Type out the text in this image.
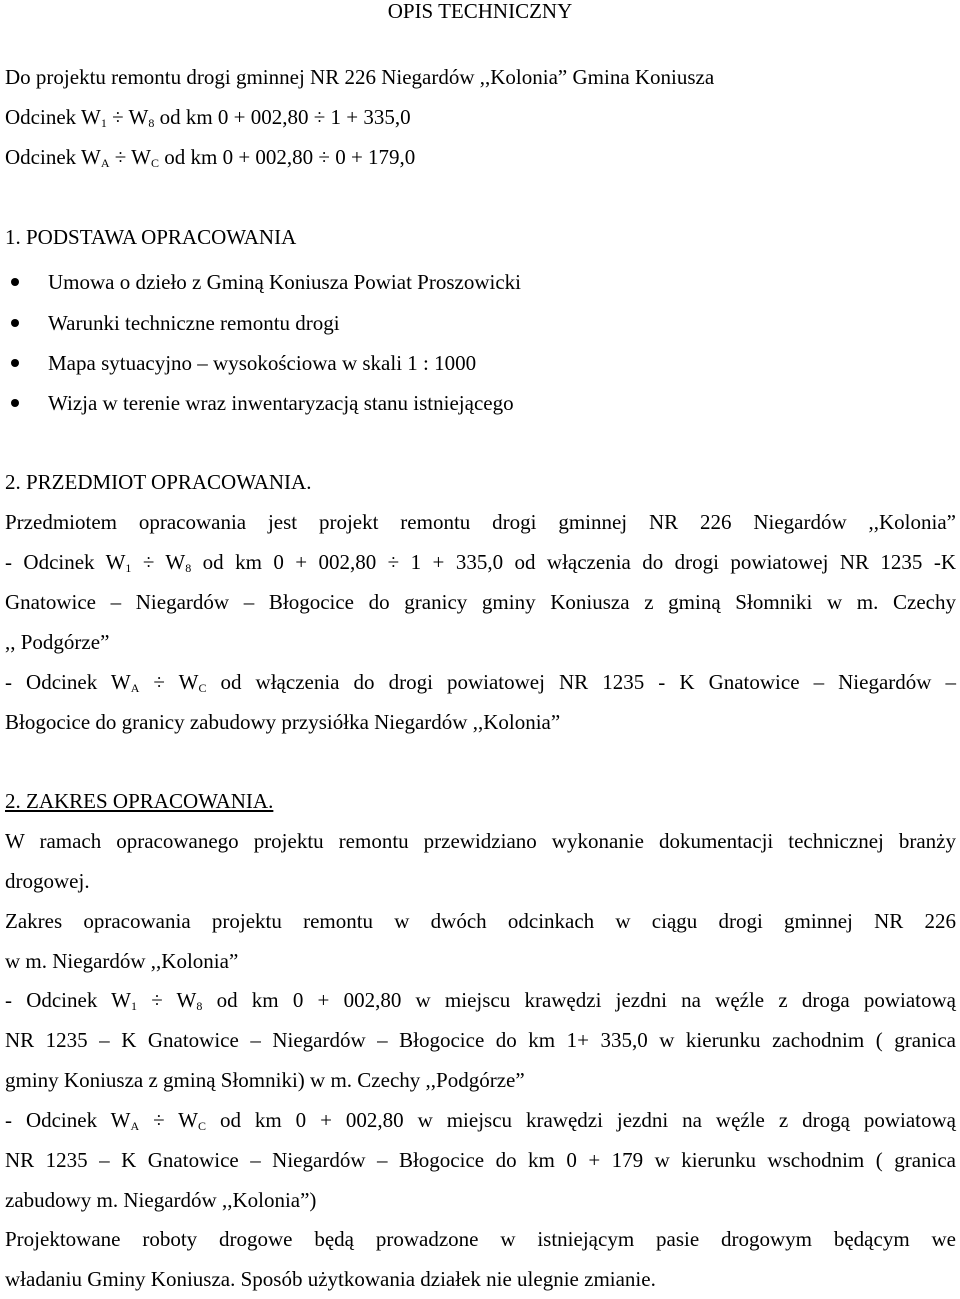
OPIS TECHNICZNY
Do projektu remontu drogi gminnej NR 226 Niegardów ,,Kolonia” Gmina Koniusza
Odcinek $W_1 \div W_8$ od km 0 + 002,80 ÷ 1 + 335,0
Odcinek $W_A \div W_C$ od km 0 + 002,80 ÷ 0 + 179,0
1. PODSTAWA OPRACOWANIA
Umowa o dzieło z Gminą Koniusza Powiat Proszowicki
Warunki techniczne remontu drogi
Mapa sytuacyjno – wysokościowa w skali 1 : 1000
Wizja w terenie wraz inwentaryzacją stanu istniejącego
2. PRZEDMIOT OPRACOWANIA.
Przedmiotem opracowania jest projekt remontu drogi gminnej NR 226 Niegardów ,,Kolonia”
- Odcinek $W_1 \div W_8$ od km 0 + 002,80 ÷ 1 + 335,0 od włączenia do drogi powiatowej NR 1235 -K
Gnatowice – Niegardów – Błogocice do granicy gminy Koniusza z gminą Słomniki w m. Czechy
,, Podgórze”
- Odcinek $W_A \div W_C$ od włączenia do drogi powiatowej NR 1235 - K Gnatowice – Niegardów –
Błogocice do granicy zabudowy przysiółka Niegardów ,,Kolonia”
2. ZAKRES OPRACOWANIA.
W ramach opracowanego projektu remontu przewidziano wykonanie dokumentacji technicznej branży
drogowej.
Zakres opracowania projektu remontu w dwóch odcinkach w ciągu drogi gminnej NR 226
w m. Niegardów ,,Kolonia”
- Odcinek $W_1 \div W_8$ od km 0 + 002,80 w miejscu krawędzi jezdni na węźle z droga powiatową
NR 1235 – K Gnatowice – Niegardów – Błogocice do km 1+ 335,0 w kierunku zachodnim ( granica
gminy Koniusza z gminą Słomniki) w m. Czechy ,,Podgórze”
- Odcinek $W_A \div W_C$ od km 0 + 002,80 w miejscu krawędzi jezdni na węźle z drogą powiatową
NR 1235 – K Gnatowice – Niegardów – Błogocice do km 0 + 179 w kierunku wschodnim ( granica
zabudowy m. Niegardów ,,Kolonia”)
Projektowane roboty drogowe będą prowadzone w istniejącym pasie drogowym będącym we
władaniu Gminy Koniusza. Sposób użytkowania działek nie ulegnie zmianie.
